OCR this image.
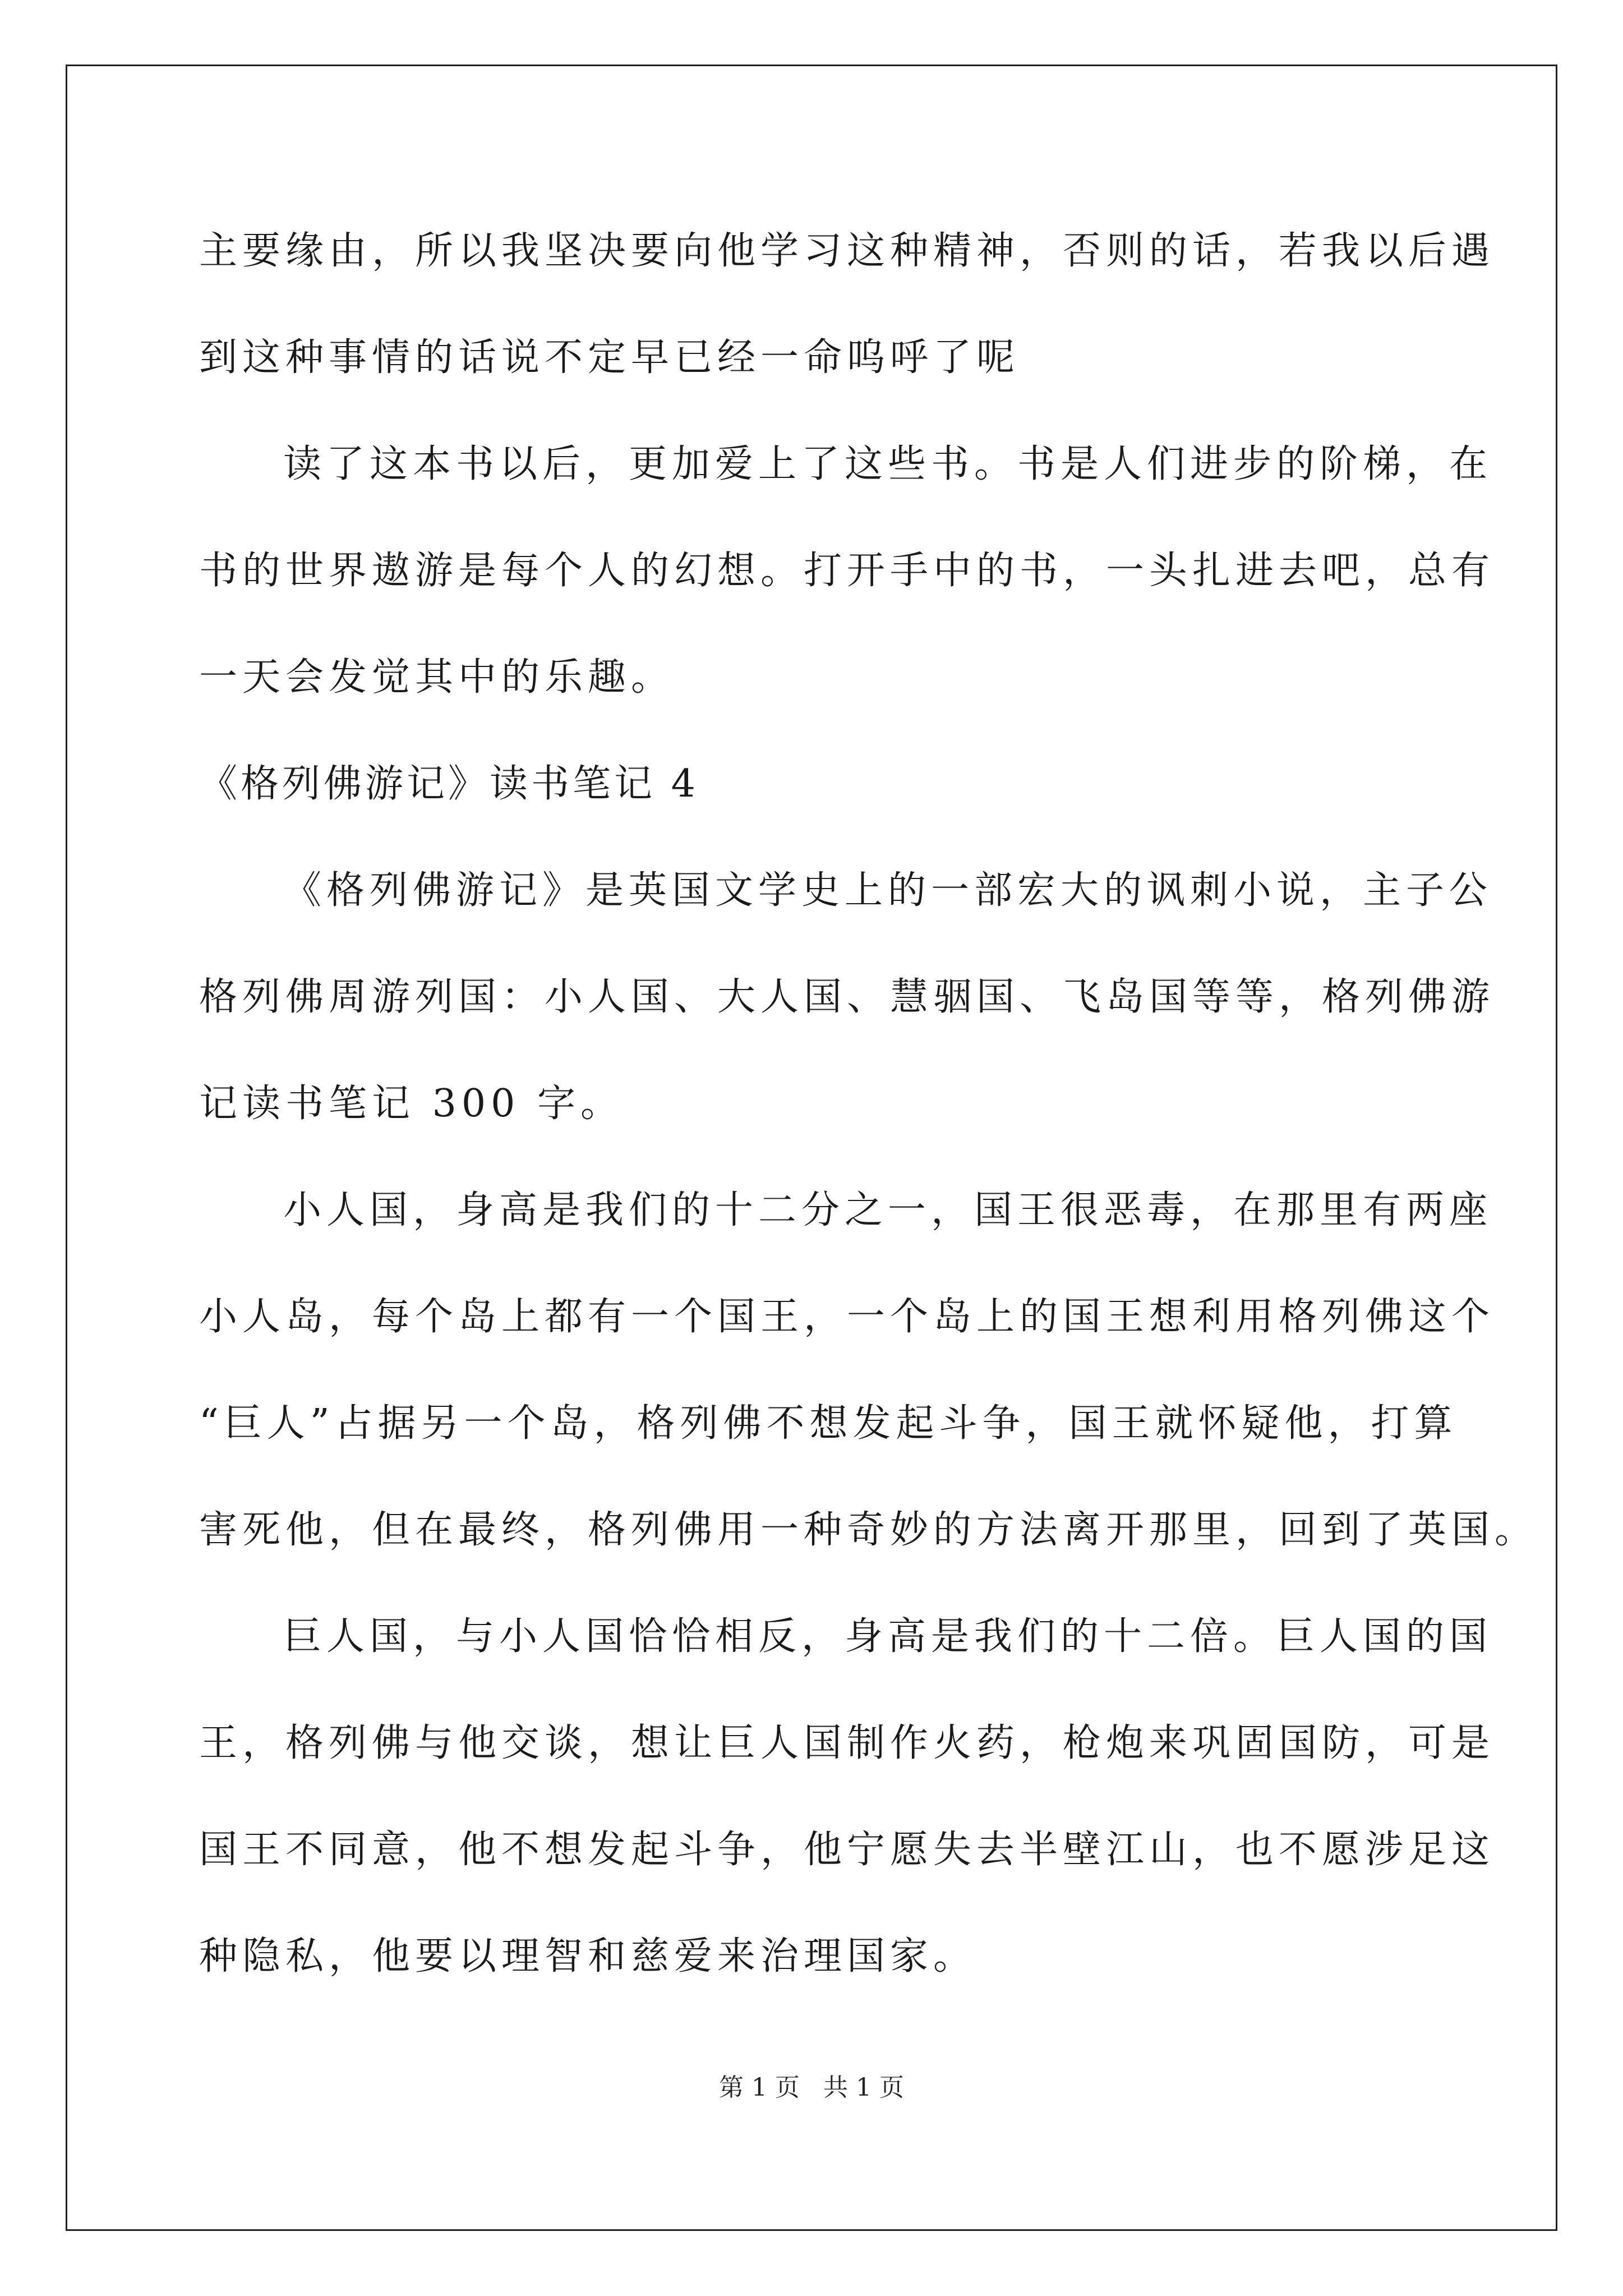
主要缘由，所以我坚决要向他学习这种精神，否则的话，若我以后遇
到这种事情的话说不定早已经一命呜呼了呢
读了这本书以后，更加爱上了这些书。书是人们进步的阶梯，在
书的世界遨游是每个人的幻想。打开手中的书，一头扎进去吧，总有
一天会发觉其中的乐趣。
《格列佛游记》读书笔记 4
《格列佛游记》是英国文学史上的一部宏大的讽刺小说，主子公
格列佛周游列国：小人国、大人国、慧骃国、飞岛国等等，格列佛游
记读书笔记 300 字。
小人国，身高是我们的十二分之一，国王很恶毒，在那里有两座
小人岛，每个岛上都有一个国王，一个岛上的国王想利用格列佛这个
“巨人”占据另一个岛，格列佛不想发起斗争，国王就怀疑他，打算
害死他，但在最终，格列佛用一种奇妙的方法离开那里，回到了英国。
巨人国，与小人国恰恰相反，身高是我们的十二倍。巨人国的国
王，格列佛与他交谈，想让巨人国制作火药，枪炮来巩固国防，可是
国王不同意，他不想发起斗争，他宁愿失去半壁江山，也不愿涉足这
种隐私，他要以理智和慈爱来治理国家。
第 1 页   共 1 页
